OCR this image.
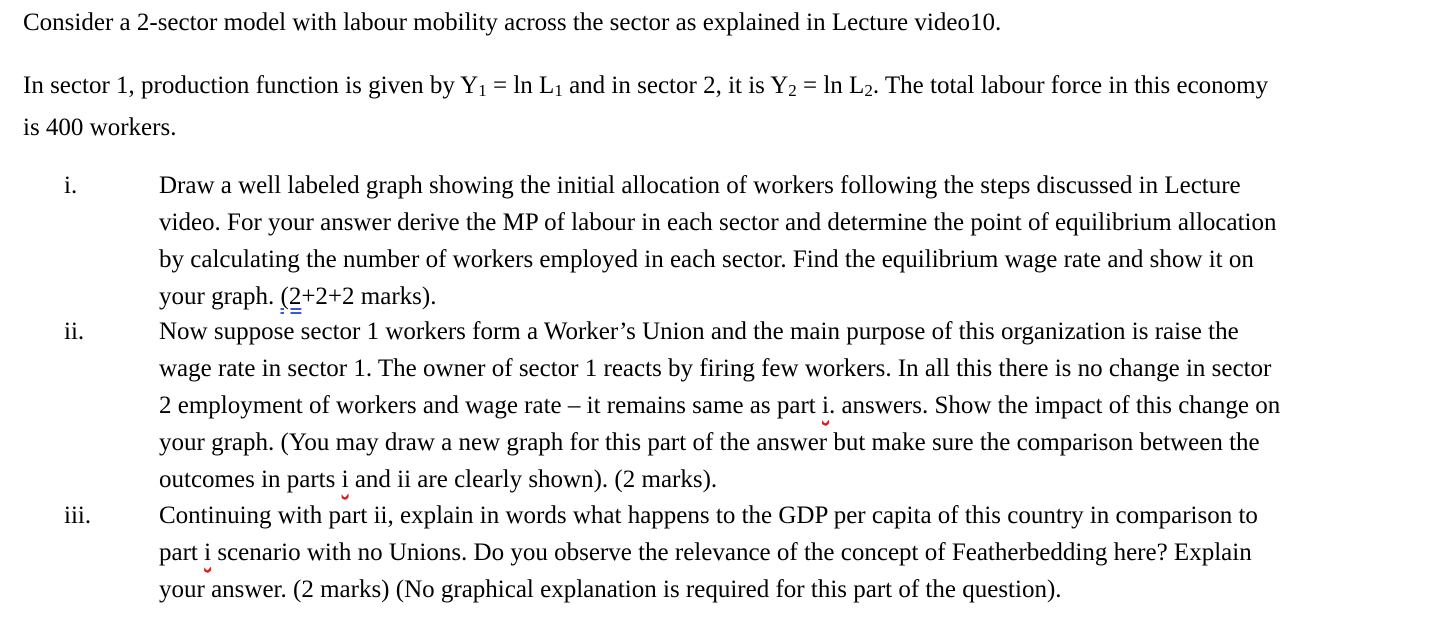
Consider a 2-sector model with labour mobility across the sector as explained in Lecture video10.
In sector 1, production function is given by Y1 = ln L1 and in sector 2, it is Y2 = ln L2. The total labour force in this economy
is 400 workers.
i.	Draw a well labeled graph showing the initial allocation of workers following the steps discussed in Lecture
video. For your answer derive the MP of labour in each sector and determine the point of equilibrium allocation
by calculating the number of workers employed in each sector. Find the equilibrium wage rate and show it on
your graph. (2+2+2 marks).
ii.	Now suppose sector 1 workers form a Worker’s Union and the main purpose of this organization is raise the
wage rate in sector 1. The owner of sector 1 reacts by firing few workers. In all this there is no change in sector
2 employment of workers and wage rate – it remains same as part i. answers. Show the impact of this change on
your graph. (You may draw a new graph for this part of the answer but make sure the comparison between the
outcomes in parts i and ii are clearly shown). (2 marks).
iii.	Continuing with part ii, explain in words what happens to the GDP per capita of this country in comparison to
part i scenario with no Unions. Do you observe the relevance of the concept of Featherbedding here? Explain
your answer. (2 marks) (No graphical explanation is required for this part of the question).
